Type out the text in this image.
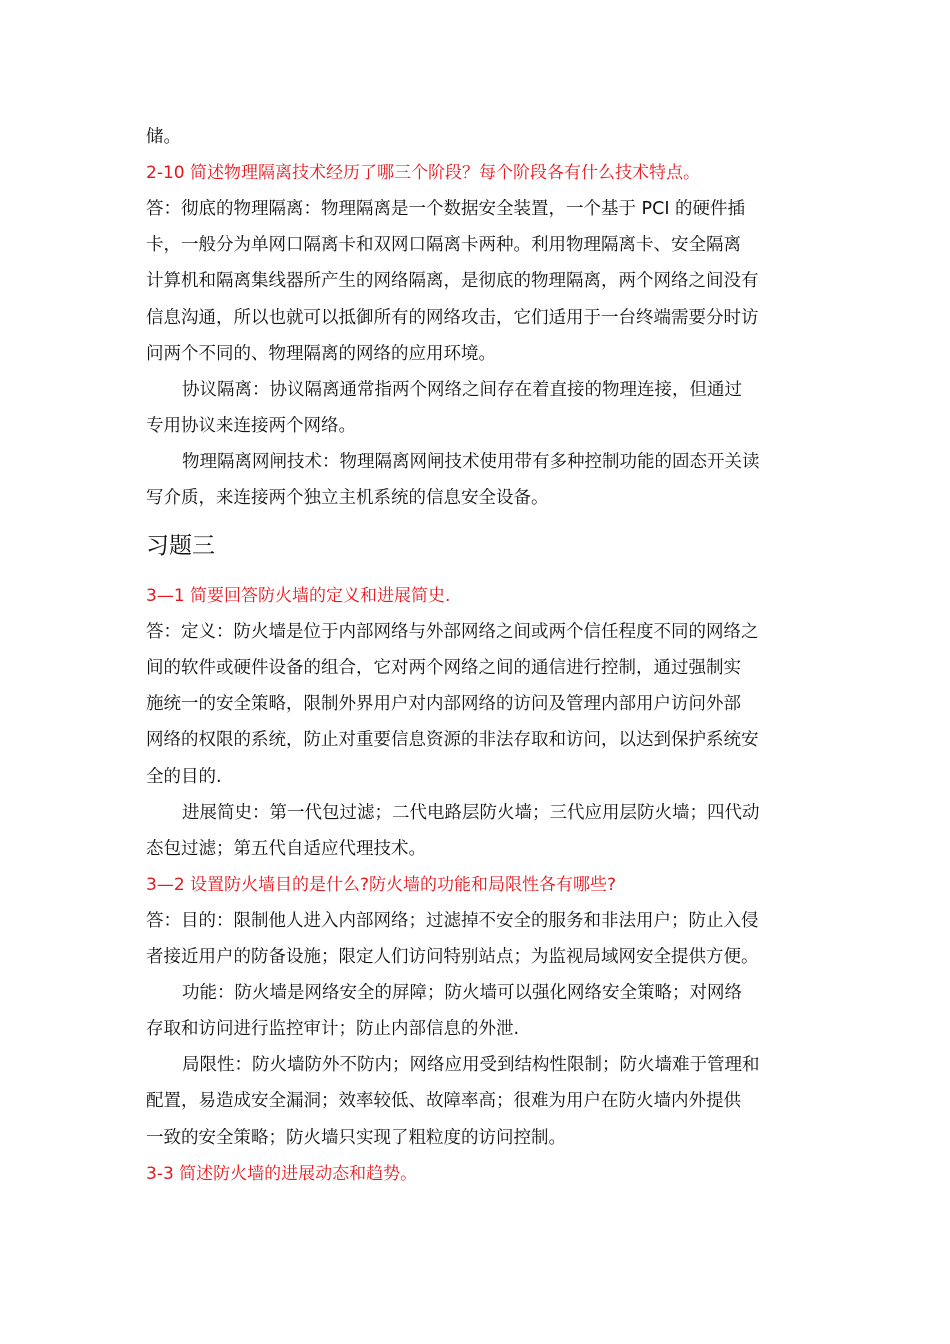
储。
2-10 简述物理隔离技术经历了哪三个阶段？每个阶段各有什么技术特点。
答：彻底的物理隔离：物理隔离是一个数据安全装置，一个基于 PCI 的硬件插
卡，一般分为单网口隔离卡和双网口隔离卡两种。利用物理隔离卡、安全隔离
计算机和隔离集线器所产生的网络隔离，是彻底的物理隔离，两个网络之间没有
信息沟通，所以也就可以抵御所有的网络攻击，它们适用于一台终端需要分时访
问两个不同的、物理隔离的网络的应用环境。
协议隔离：协议隔离通常指两个网络之间存在着直接的物理连接，但通过
专用协议来连接两个网络。
物理隔离网闸技术：物理隔离网闸技术使用带有多种控制功能的固态开关读
写介质，来连接两个独立主机系统的信息安全设备。
习题三
3—1 简要回答防火墙的定义和进展简史.
答：定义：防火墙是位于内部网络与外部网络之间或两个信任程度不同的网络之
间的软件或硬件设备的组合，它对两个网络之间的通信进行控制，通过强制实
施统一的安全策略，限制外界用户对内部网络的访问及管理内部用户访问外部
网络的权限的系统，防止对重要信息资源的非法存取和访问，以达到保护系统安
全的目的.
进展简史：第一代包过滤；二代电路层防火墙；三代应用层防火墙；四代动
态包过滤；第五代自适应代理技术。
3—2 设置防火墙目的是什么?防火墙的功能和局限性各有哪些?
答：目的：限制他人进入内部网络；过滤掉不安全的服务和非法用户；防止入侵
者接近用户的防备设施；限定人们访问特别站点；为监视局域网安全提供方便。
功能：防火墙是网络安全的屏障；防火墙可以强化网络安全策略；对网络
存取和访问进行监控审计；防止内部信息的外泄.
局限性：防火墙防外不防内；网络应用受到结构性限制；防火墙难于管理和
配置，易造成安全漏洞；效率较低、故障率高；很难为用户在防火墙内外提供
一致的安全策略；防火墙只实现了粗粒度的访问控制。
3-3 简述防火墙的进展动态和趋势。
